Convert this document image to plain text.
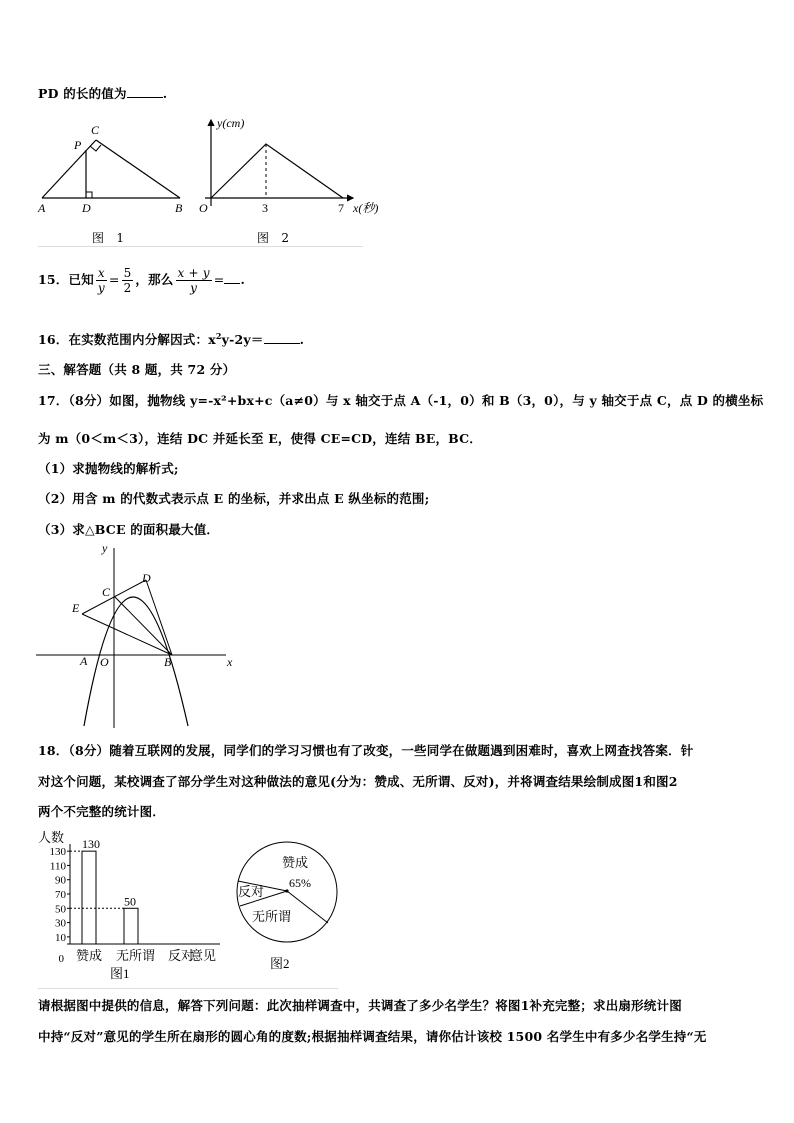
PD 的长的值为	.
C
P
A	D	B
图　1
y(cm)
O	3	7 x(秒)
图　2
15．已知 $\frac{x}{y} = \frac{5}{2}$ ，那么 $\frac{x + y}{y}$ = .
16．在实数范围内分解因式：$x^2y-2y=$	.
三、解答题（共 8 题，共 72 分）
17．（8分）如图，抛物线 y=-x²+bx+c（a≠0）与 x 轴交于点 A（-1，0）和 B（3，0），与 y 轴交于点 C，点 D 的横坐标
为 m（0＜m＜3），连结 DC 并延长至 E，使得 CE=CD，连结 BE，BC．
（1）求抛物线的解析式;
（2）用含 m 的代数式表示点 E 的坐标，并求出点 E 纵坐标的范围;
（3）求△BCE 的面积最大值．
y
x
C
D
E
A O	B
18．（8分）随着互联网的发展，同学们的学习习惯也有了改变，一些同学在做题遇到困难时，喜欢上网查找答案．针
对这个问题，某校调查了部分学生对这种做法的意见(分为：赞成、无所谓、反对)，并将调查结果绘制成图1和图2
两个不完整的统计图．
人数
0
10
30
50
70
90
110
130
130
赞成
50
无所谓 反对
意见
图1
赞成
65%
反对
无所谓
图2
请根据图中提供的信息，解答下列问题：此次抽样调查中，共调查了多少名学生？将图1补充完整；求出扇形统计图
中持“反对”意见的学生所在扇形的圆心角的度数;根据抽样调查结果，请你估计该校 1500 名学生中有多少名学生持“无
